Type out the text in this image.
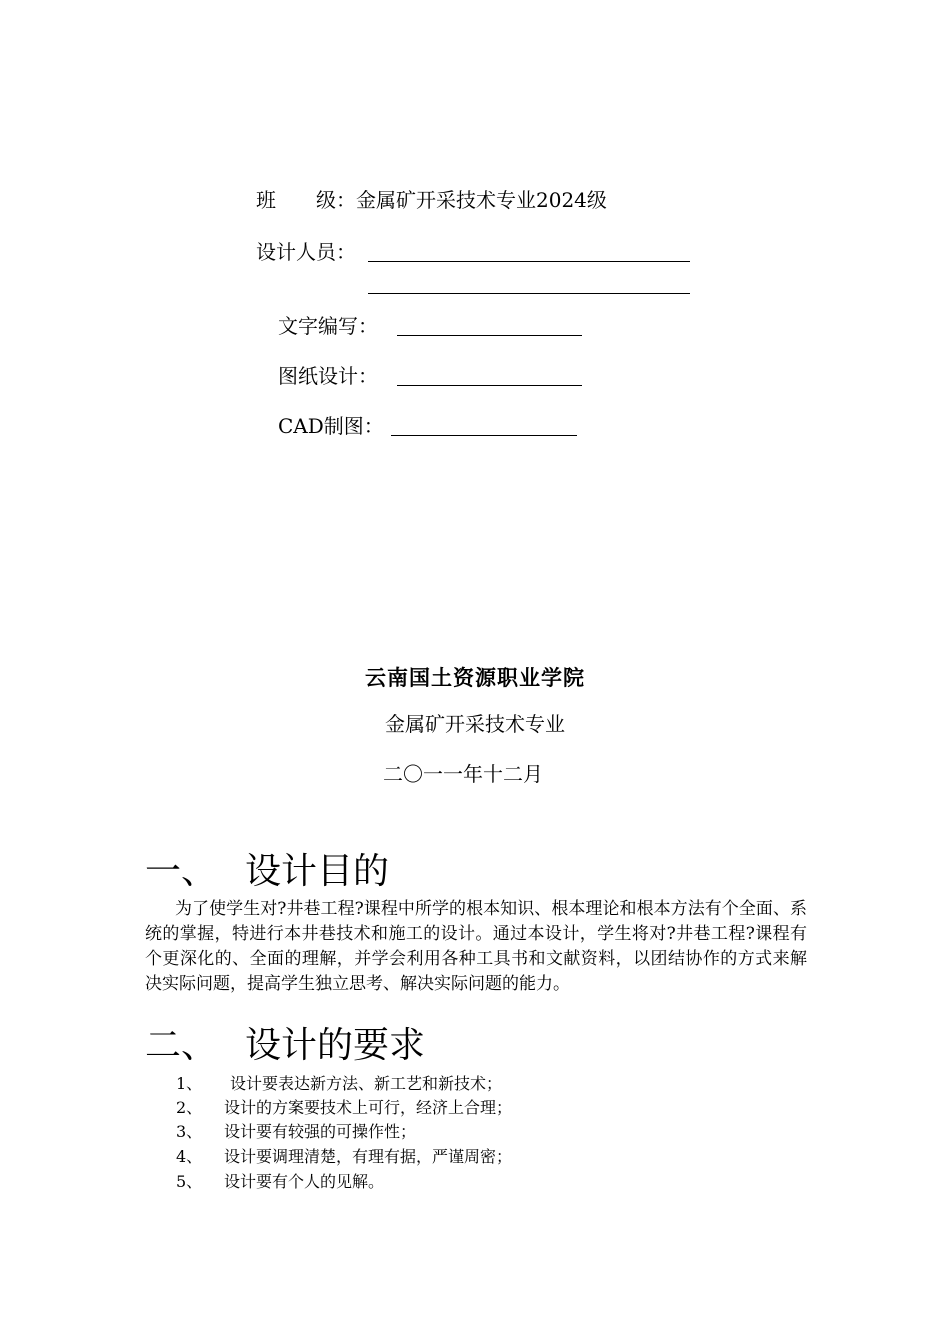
班　　级：金属矿开采技术专业2024级
设计人员：
文字编写：
图纸设计：
CAD制图：
云南国土资源职业学院
金属矿开采技术专业
二〇一一年十二月
一、 设计目的
为了使学生对?井巷工程?课程中所学的根本知识、根本理论和根本方法有个全面、系统的掌握，特进行本井巷技术和施工的设计。通过本设计，学生将对?井巷工程?课程有个更深化的、全面的理解，并学会利用各种工具书和文献资料，以团结协作的方式来解决实际问题，提高学生独立思考、解决实际问题的能力。
二、 设计的要求
1、 设计要表达新方法、新工艺和新技术；
2、 设计的方案要技术上可行，经济上合理；
3、 设计要有较强的可操作性；
4、 设计要调理清楚，有理有据，严谨周密；
5、 设计要有个人的见解。
